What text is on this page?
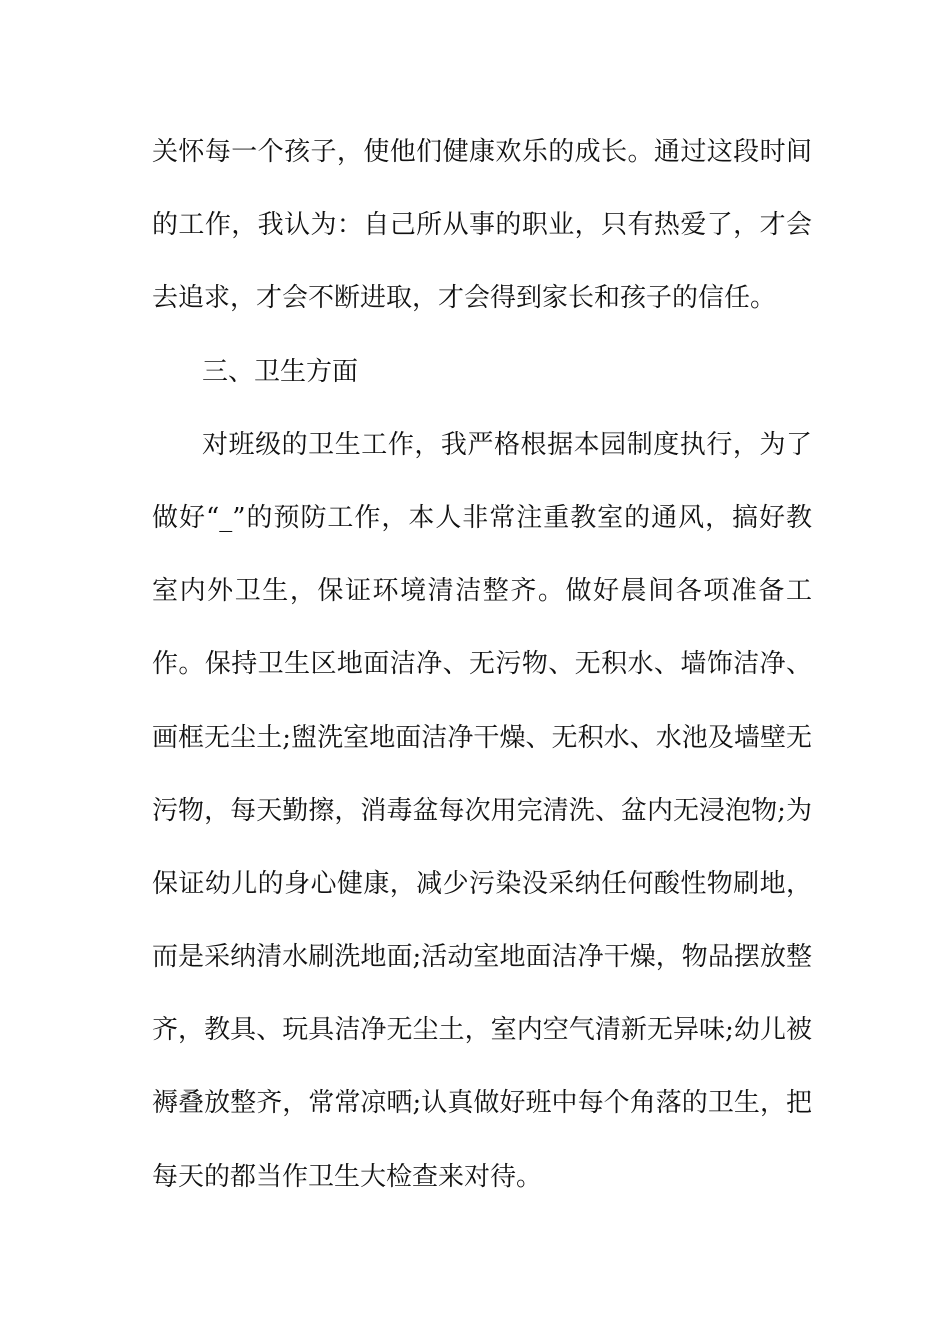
关怀每一个孩子，使他们健康欢乐的成长。通过这段时间
的工作，我认为：自己所从事的职业，只有热爱了，才会
去追求，才会不断进取，才会得到家长和孩子的信任。
三、卫生方面
对班级的卫生工作，我严格根据本园制度执行，为了
做好“_”的预防工作，本人非常注重教室的通风，搞好教
室内外卫生，保证环境清洁整齐。做好晨间各项准备工
作。保持卫生区地面洁净、无污物、无积水、墙饰洁净、
画框无尘土;盥洗室地面洁净干燥、无积水、水池及墙壁无
污物，每天勤擦，消毒盆每次用完清洗、盆内无浸泡物;为
保证幼儿的身心健康，减少污染没采纳任何酸性物刷地，
而是采纳清水刷洗地面;活动室地面洁净干燥，物品摆放整
齐，教具、玩具洁净无尘土，室内空气清新无异味;幼儿被
褥叠放整齐，常常凉晒;认真做好班中每个角落的卫生，把
每天的都当作卫生大检查来对待。
